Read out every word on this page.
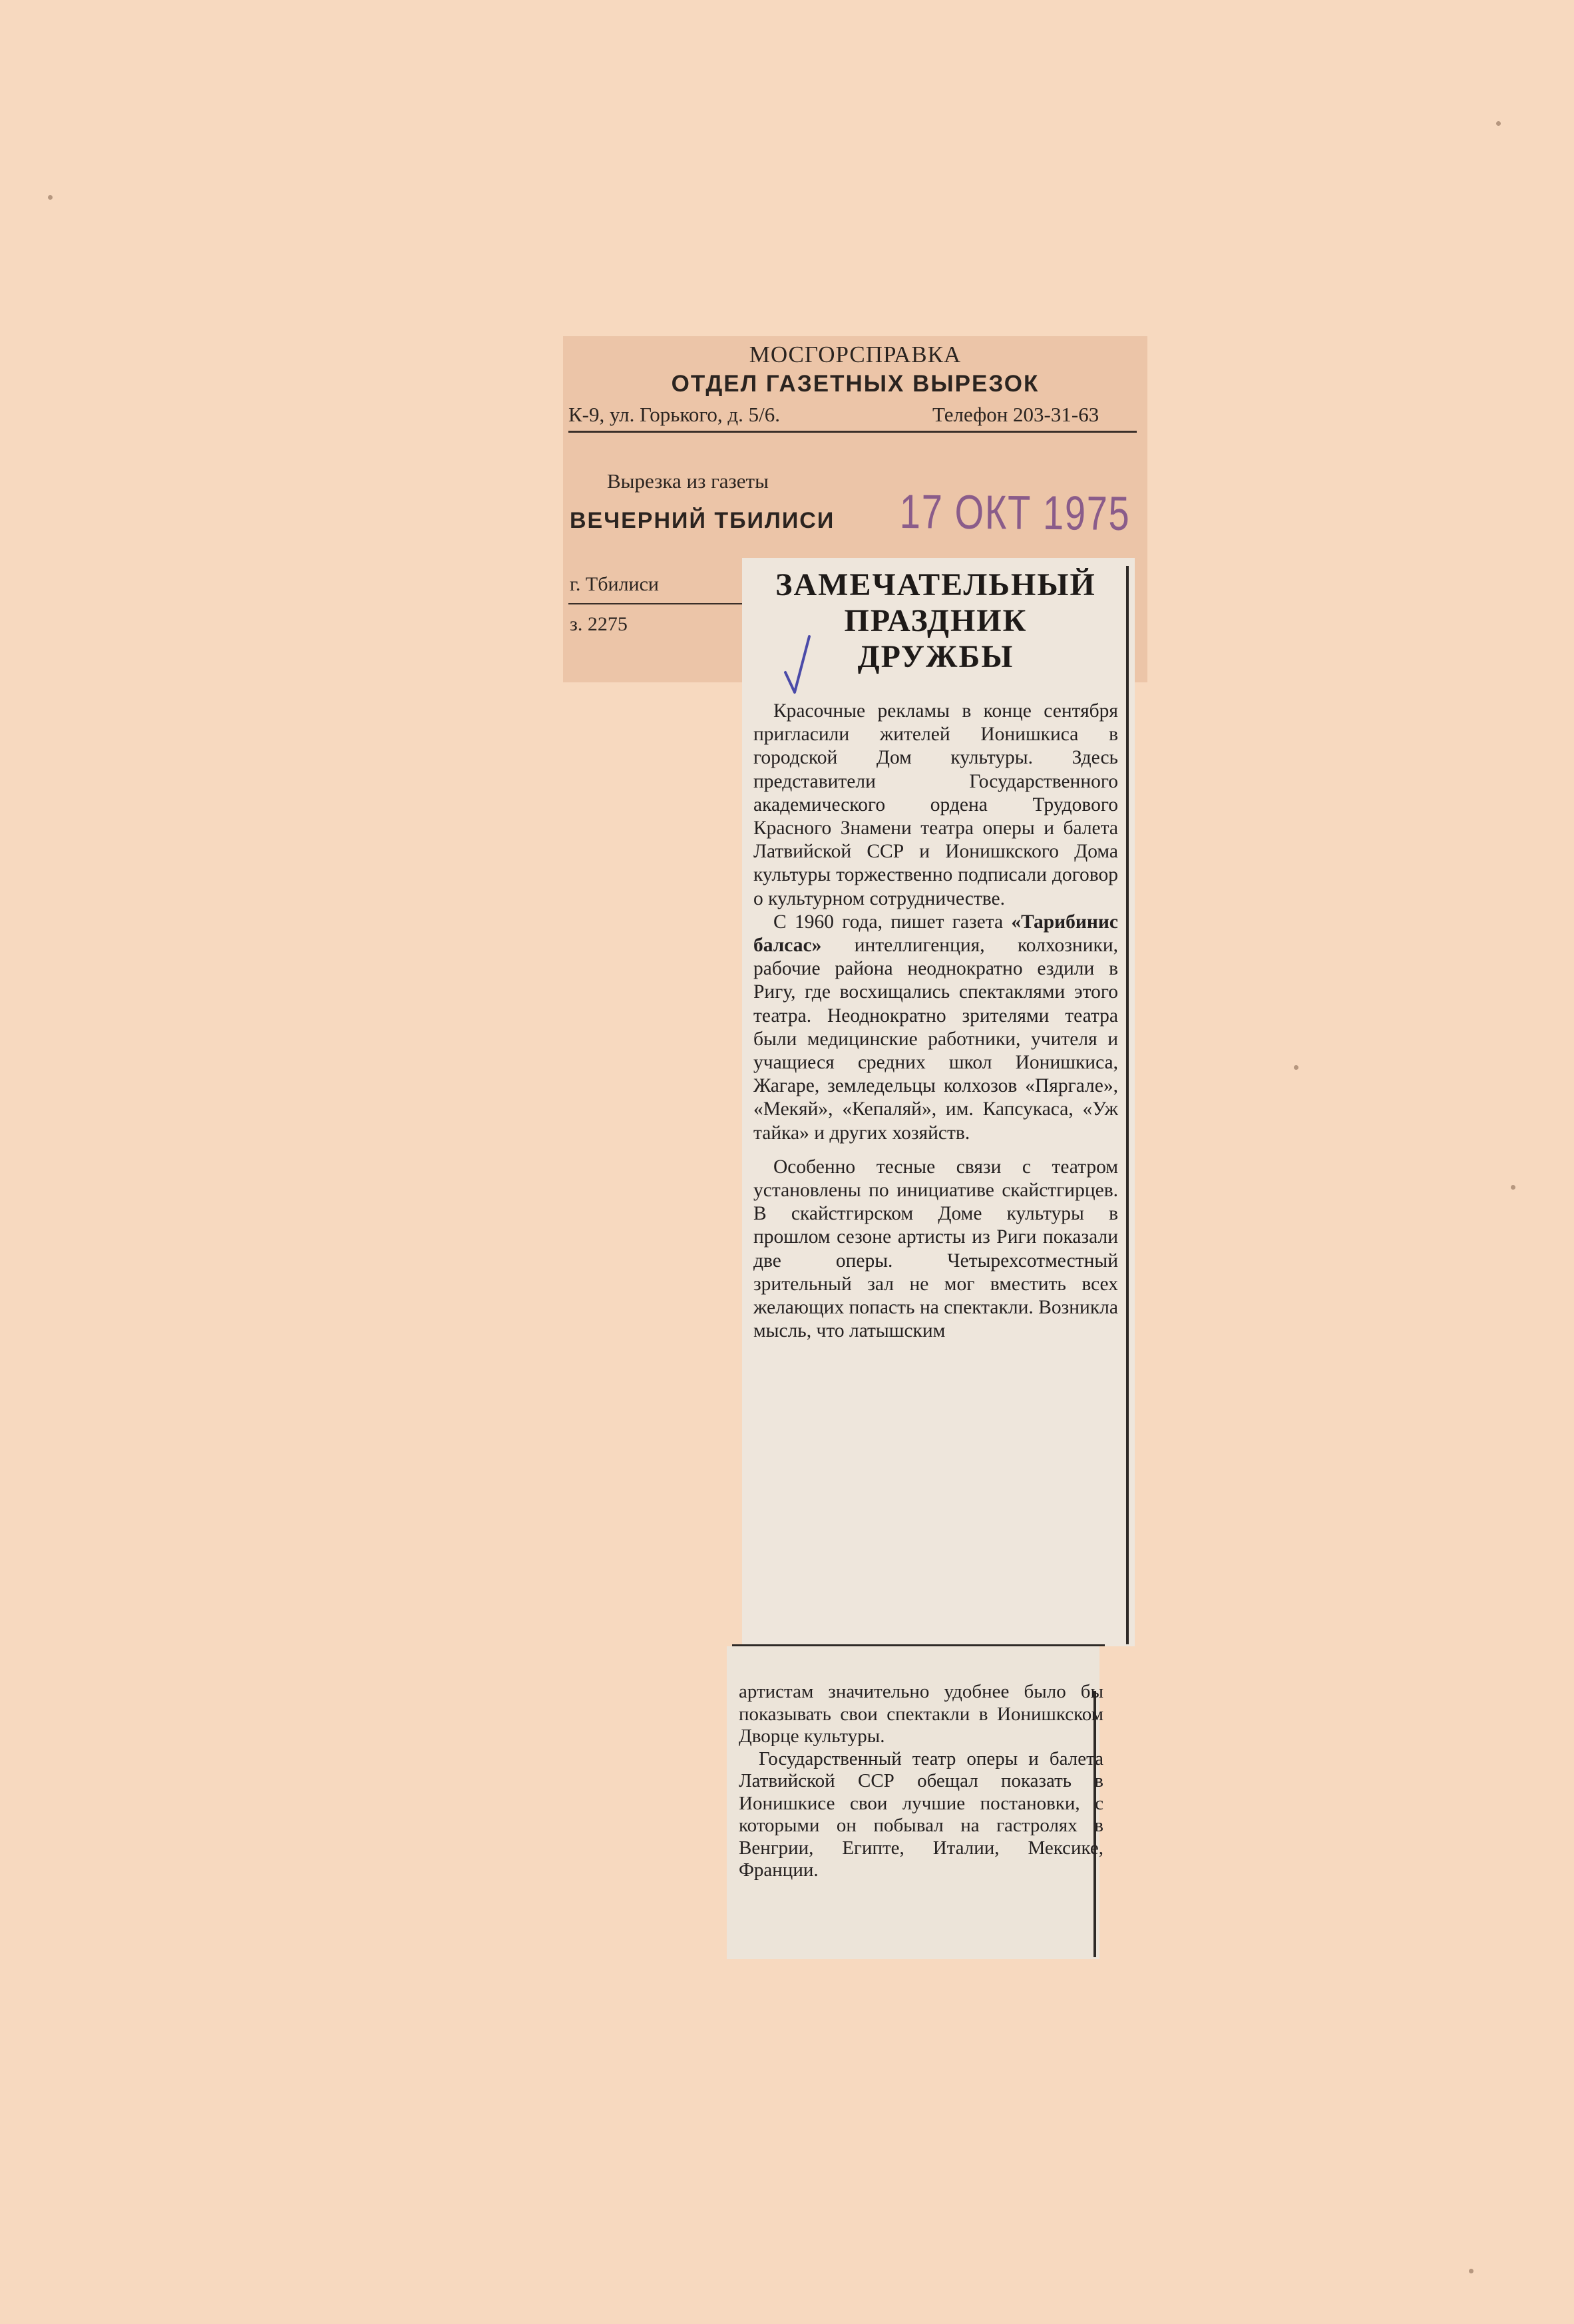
МОСГОРСПРАВКА
ОТДЕЛ ГАЗЕТНЫХ ВЫРЕЗОК
К-9, ул. Горького, д. 5/6.	Телефон 203-31-63
Вырезка из газеты
ВЕЧЕРНИЙ ТБИЛИСИ
г. Тбилиси
з. 2275
17 ОКТ 1975
ЗАМЕЧАТЕЛЬНЫЙ
ПРАЗДНИК
ДРУЖБЫ

Красочные рекламы в конце сентября пригласили жителей Ионишкиса в городской Дом культуры. Здесь представители Государственного академического ордена Трудового Красного Знамени театра оперы и балета Латвийской ССР и Ионишкского Дома культуры торжественно подписали договор о культурном сотрудничестве.

С 1960 года, пишет газета «Тарибинис балсас» интеллигенция, колхозники, рабочие района неоднократно ездили в Ригу, где восхищались спектаклями этого театра. Неоднократно зрителями театра были медицинские работники, учителя и учащиеся средних школ Ионишкиса, Жагаре, земледельцы колхозов «Пяргале», «Мекяй», «Кепаляй», им. Капсукаса, «Уж тайка» и других хозяйств.

Особенно тесные связи с театром установлены по инициативе скайстгирцев. В скайстгирском Доме культуры в прошлом сезоне артисты из Риги показали две оперы. Четырехсотместный зрительный зал не мог вместить всех желающих попасть на спектакли. Возникла мысль, что латышским

артистам значительно удобнее было бы показывать свои спектакли в Ионишкском Дворце культуры.

Государственный театр оперы и балета Латвийской ССР обещал показать в Ионишкисе свои лучшие постановки, с которыми он побывал на гастролях в Венгрии, Египте, Италии, Мексике, Франции.
